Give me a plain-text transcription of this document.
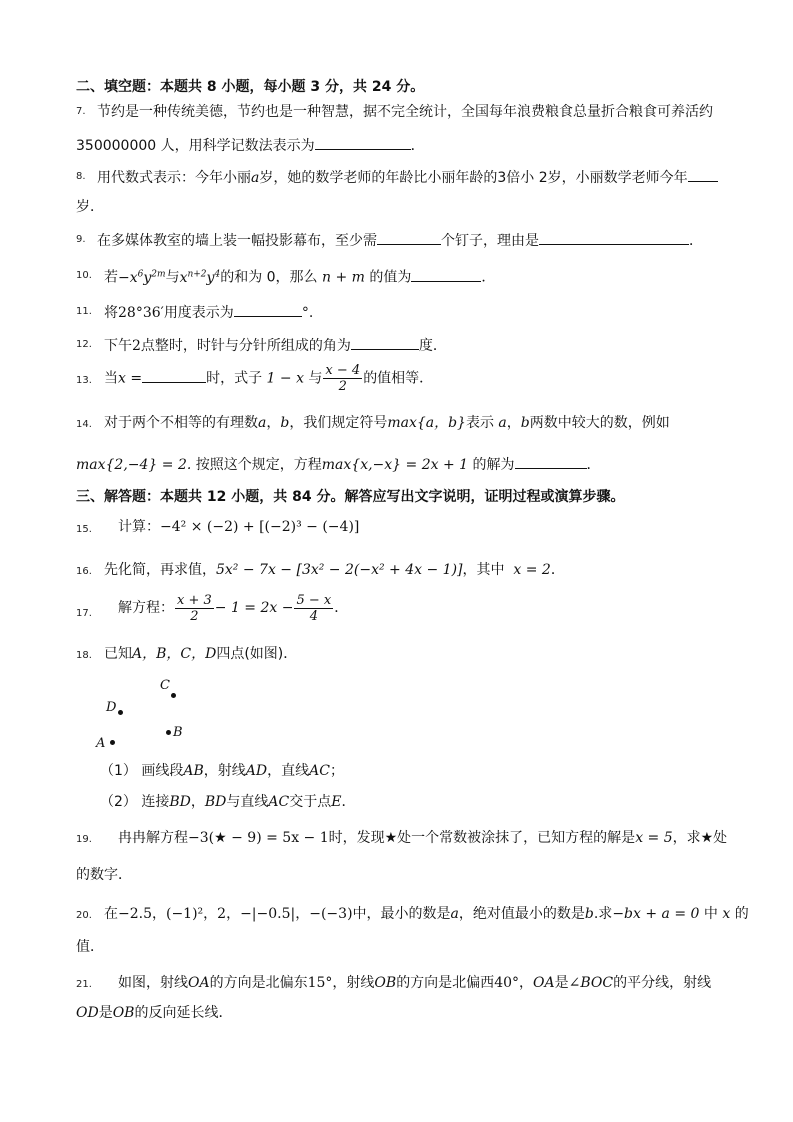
二、填空题：本题共 8 小题，每小题 3 分，共 24 分。
7. 节约是一种传统美德，节约也是一种智慧，据不完全统计，全国每年浪费粮食总量折合粮食可养活约
350000000 人，用科学记数法表示为	．
8. 用代数式表示：今年小丽a岁，她的数学老师的年龄比小丽年龄的3倍小 2岁，小丽数学老师今年
岁．
9. 在多媒体教室的墙上装一幅投影幕布，至少需	个钉子，理由是	．
10. 若$-x^6y^{2m}$与$x^{n+2}y^4$的和为 0，那么 n + m 的值为	．
11. 将28°36′用度表示为	°.
12. 下午2点整时，时针与分针所组成的角为	度．
13. 当x =	时，式子 1 − x 与 $\frac{x - 4}{2}$ 的值相等．
14. 对于两个不相等的有理数a，b，我们规定符号max{a，b}表示 a，b两数中较大的数，例如
max{2,−4} = 2. 按照这个规定，方程max{x,−x} = 2x + 1 的解为	．
三、解答题：本题共 12 小题，共 84 分。解答应写出文字说明，证明过程或演算步骤。
15. 计算：−4² × (−2) + [(−2)³ − (−4)]
16. 先化简，再求值，5x² − 7x − [3x² − 2(−x² + 4x − 1)]，其中 x = 2．
17. 解方程： $\frac{x + 3}{2} - 1 = 2x - \frac{5 - x}{4}$ ．
18. 已知A，B，C，D四点(如图)．
C
D
B
A
（1） 画线段AB，射线AD，直线AC；
（2） 连接BD，BD与直线AC交于点E．
19. 冉冉解方程−3(★ − 9) = 5x − 1时，发现★处一个常数被涂抹了，已知方程的解是x = 5，求★处
的数字．
20. 在−2.5，(−1)²，2，−|−0.5|，−(−3)中，最小的数是a，绝对值最小的数是b.求−bx + a = 0 中 x 的
值．
21. 如图，射线OA的方向是北偏东15°，射线OB的方向是北偏西40°，OA是∠BOC的平分线，射线
OD是OB的反向延长线．
